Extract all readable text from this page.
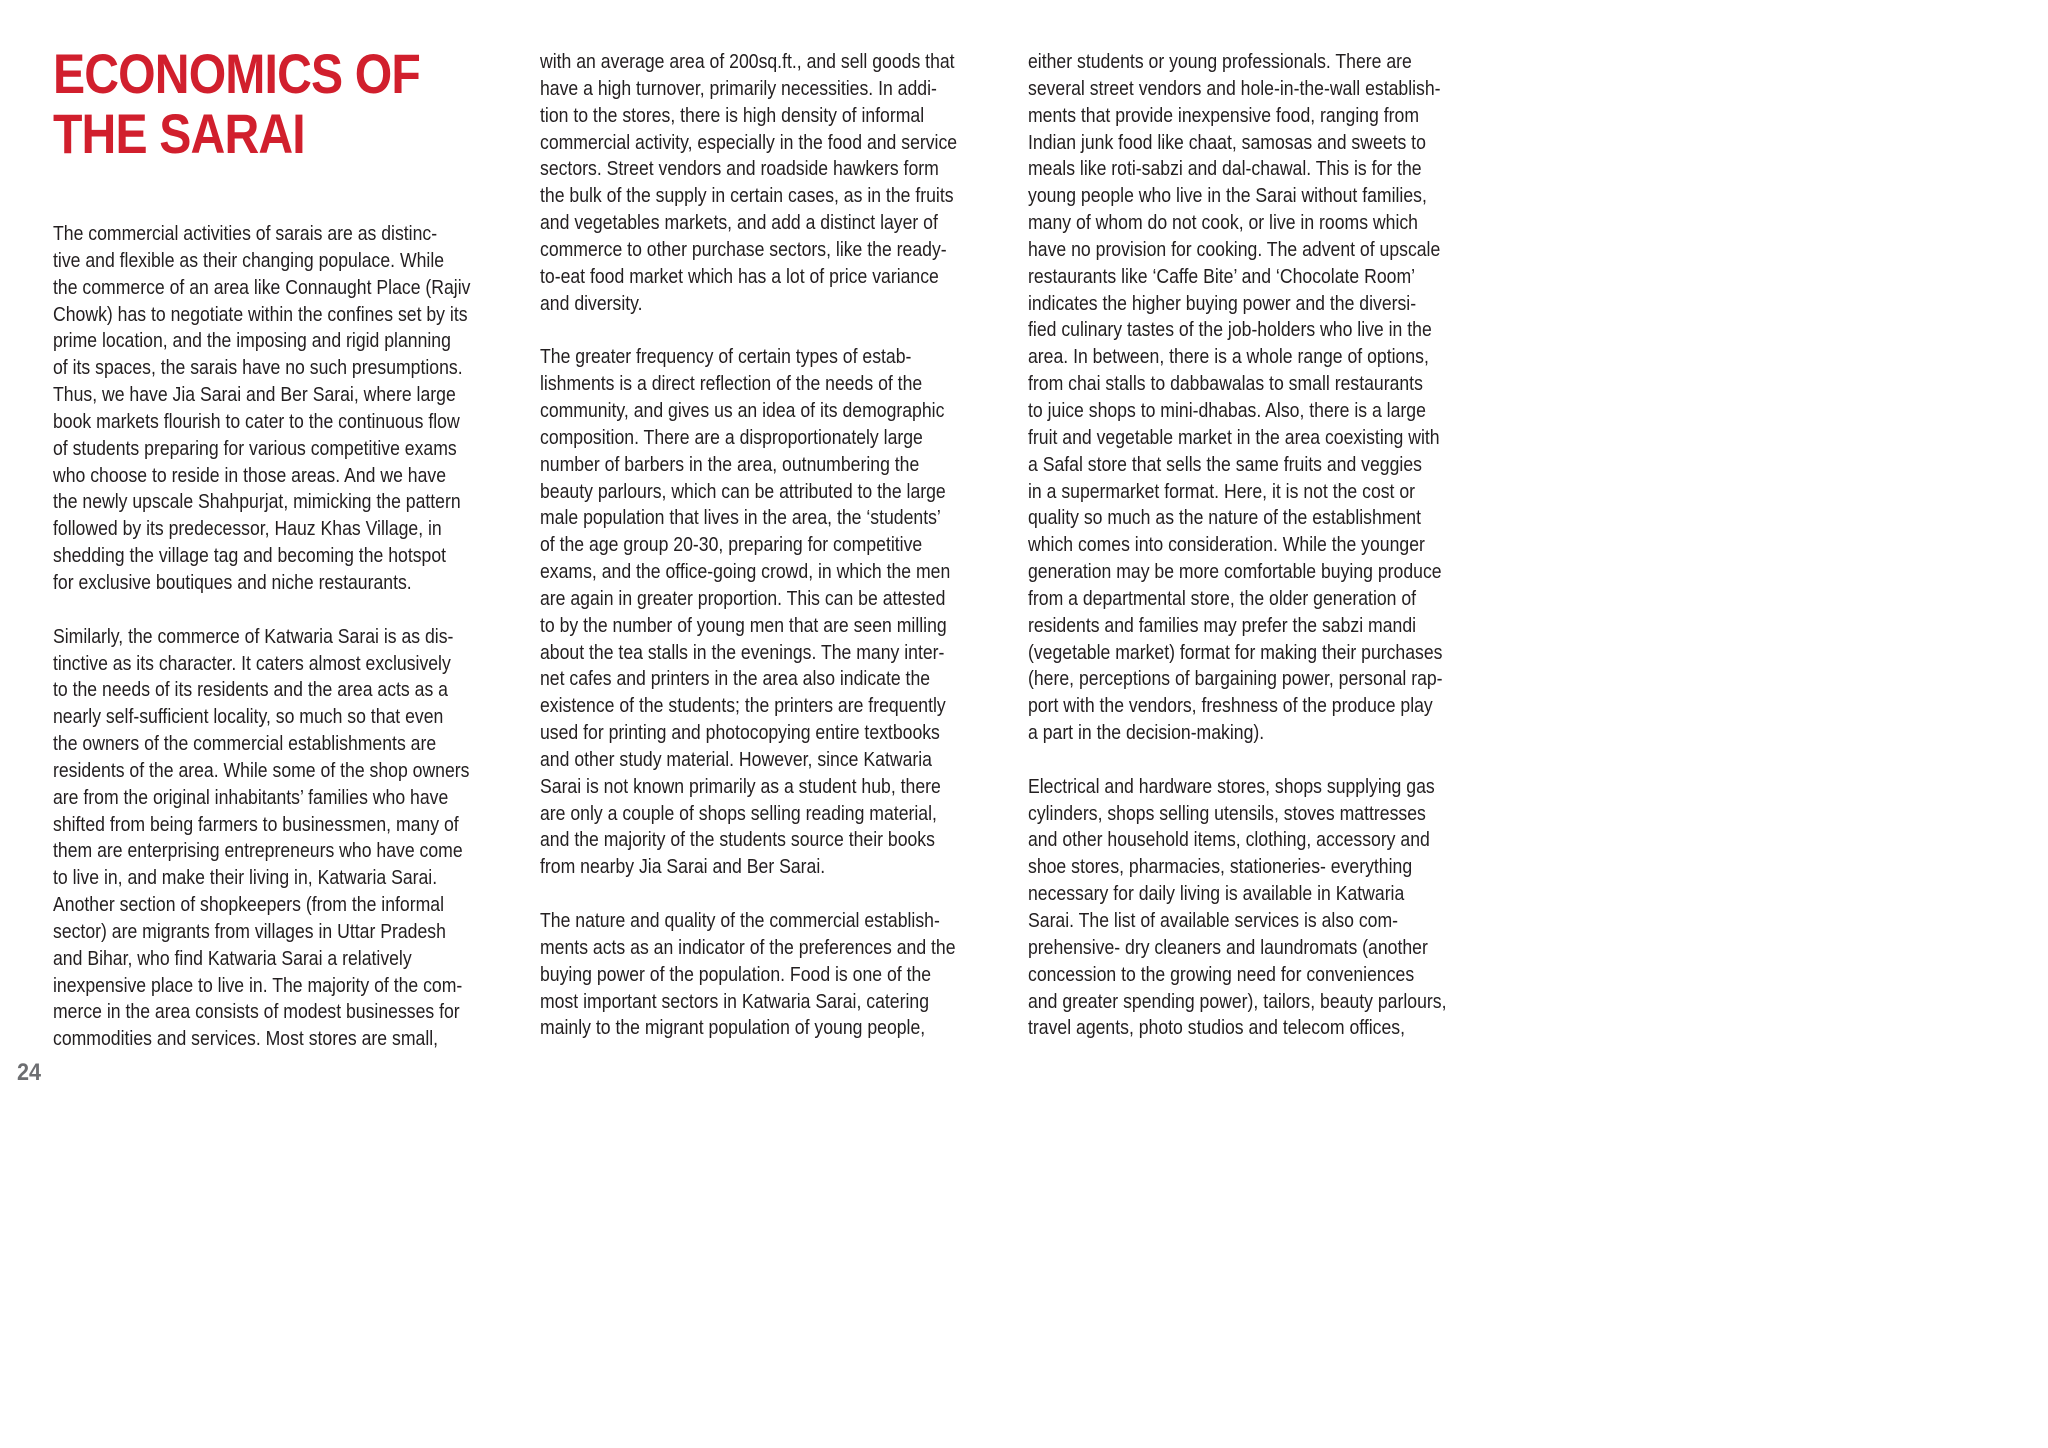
ECONOMICS OF
THE SARAI

The commercial activities of sarais are as distinc-
tive and flexible as their changing populace. While
the commerce of an area like Connaught Place (Rajiv
Chowk) has to negotiate within the confines set by its
prime location, and the imposing and rigid planning
of its spaces, the sarais have no such presumptions.
Thus, we have Jia Sarai and Ber Sarai, where large
book markets flourish to cater to the continuous flow
of students preparing for various competitive exams
who choose to reside in those areas. And we have
the newly upscale Shahpurjat, mimicking the pattern
followed by its predecessor, Hauz Khas Village, in
shedding the village tag and becoming the hotspot
for exclusive boutiques and niche restaurants.

Similarly, the commerce of Katwaria Sarai is as dis-
tinctive as its character. It caters almost exclusively
to the needs of its residents and the area acts as a
nearly self-sufficient locality, so much so that even
the owners of the commercial establishments are
residents of the area. While some of the shop owners
are from the original inhabitants’ families who have
shifted from being farmers to businessmen, many of
them are enterprising entrepreneurs who have come
to live in, and make their living in, Katwaria Sarai.
Another section of shopkeepers (from the informal
sector) are migrants from villages in Uttar Pradesh
and Bihar, who find Katwaria Sarai a relatively
inexpensive place to live in. The majority of the com-
merce in the area consists of modest businesses for
commodities and services. Most stores are small,

with an average area of 200sq.ft., and sell goods that
have a high turnover, primarily necessities. In addi-
tion to the stores, there is high density of informal
commercial activity, especially in the food and service
sectors. Street vendors and roadside hawkers form
the bulk of the supply in certain cases, as in the fruits
and vegetables markets, and add a distinct layer of
commerce to other purchase sectors, like the ready-
to-eat food market which has a lot of price variance
and diversity.

The greater frequency of certain types of estab-
lishments is a direct reflection of the needs of the
community, and gives us an idea of its demographic
composition. There are a disproportionately large
number of barbers in the area, outnumbering the
beauty parlours, which can be attributed to the large
male population that lives in the area, the ‘students’
of the age group 20-30, preparing for competitive
exams, and the office-going crowd, in which the men
are again in greater proportion. This can be attested
to by the number of young men that are seen milling
about the tea stalls in the evenings. The many inter-
net cafes and printers in the area also indicate the
existence of the students; the printers are frequently
used for printing and photocopying entire textbooks
and other study material. However, since Katwaria
Sarai is not known primarily as a student hub, there
are only a couple of shops selling reading material,
and the majority of the students source their books
from nearby Jia Sarai and Ber Sarai.

The nature and quality of the commercial establish-
ments acts as an indicator of the preferences and the
buying power of the population. Food is one of the
most important sectors in Katwaria Sarai, catering
mainly to the migrant population of young people,

either students or young professionals. There are
several street vendors and hole-in-the-wall establish-
ments that provide inexpensive food, ranging from
Indian junk food like chaat, samosas and sweets to
meals like roti-sabzi and dal-chawal. This is for the
young people who live in the Sarai without families,
many of whom do not cook, or live in rooms which
have no provision for cooking. The advent of upscale
restaurants like ‘Caffe Bite’ and ‘Chocolate Room’
indicates the higher buying power and the diversi-
fied culinary tastes of the job-holders who live in the
area. In between, there is a whole range of options,
from chai stalls to dabbawalas to small restaurants
to juice shops to mini-dhabas. Also, there is a large
fruit and vegetable market in the area coexisting with
a Safal store that sells the same fruits and veggies
in a supermarket format. Here, it is not the cost or
quality so much as the nature of the establishment
which comes into consideration. While the younger
generation may be more comfortable buying produce
from a departmental store, the older generation of
residents and families may prefer the sabzi mandi
(vegetable market) format for making their purchases
(here, perceptions of bargaining power, personal rap-
port with the vendors, freshness of the produce play
a part in the decision-making).

Electrical and hardware stores, shops supplying gas
cylinders, shops selling utensils, stoves mattresses
and other household items, clothing, accessory and
shoe stores, pharmacies, stationeries- everything
necessary for daily living is available in Katwaria
Sarai. The list of available services is also com-
prehensive- dry cleaners and laundromats (another
concession to the growing need for conveniences
and greater spending power), tailors, beauty parlours,
travel agents, photo studios and telecom offices,

24
